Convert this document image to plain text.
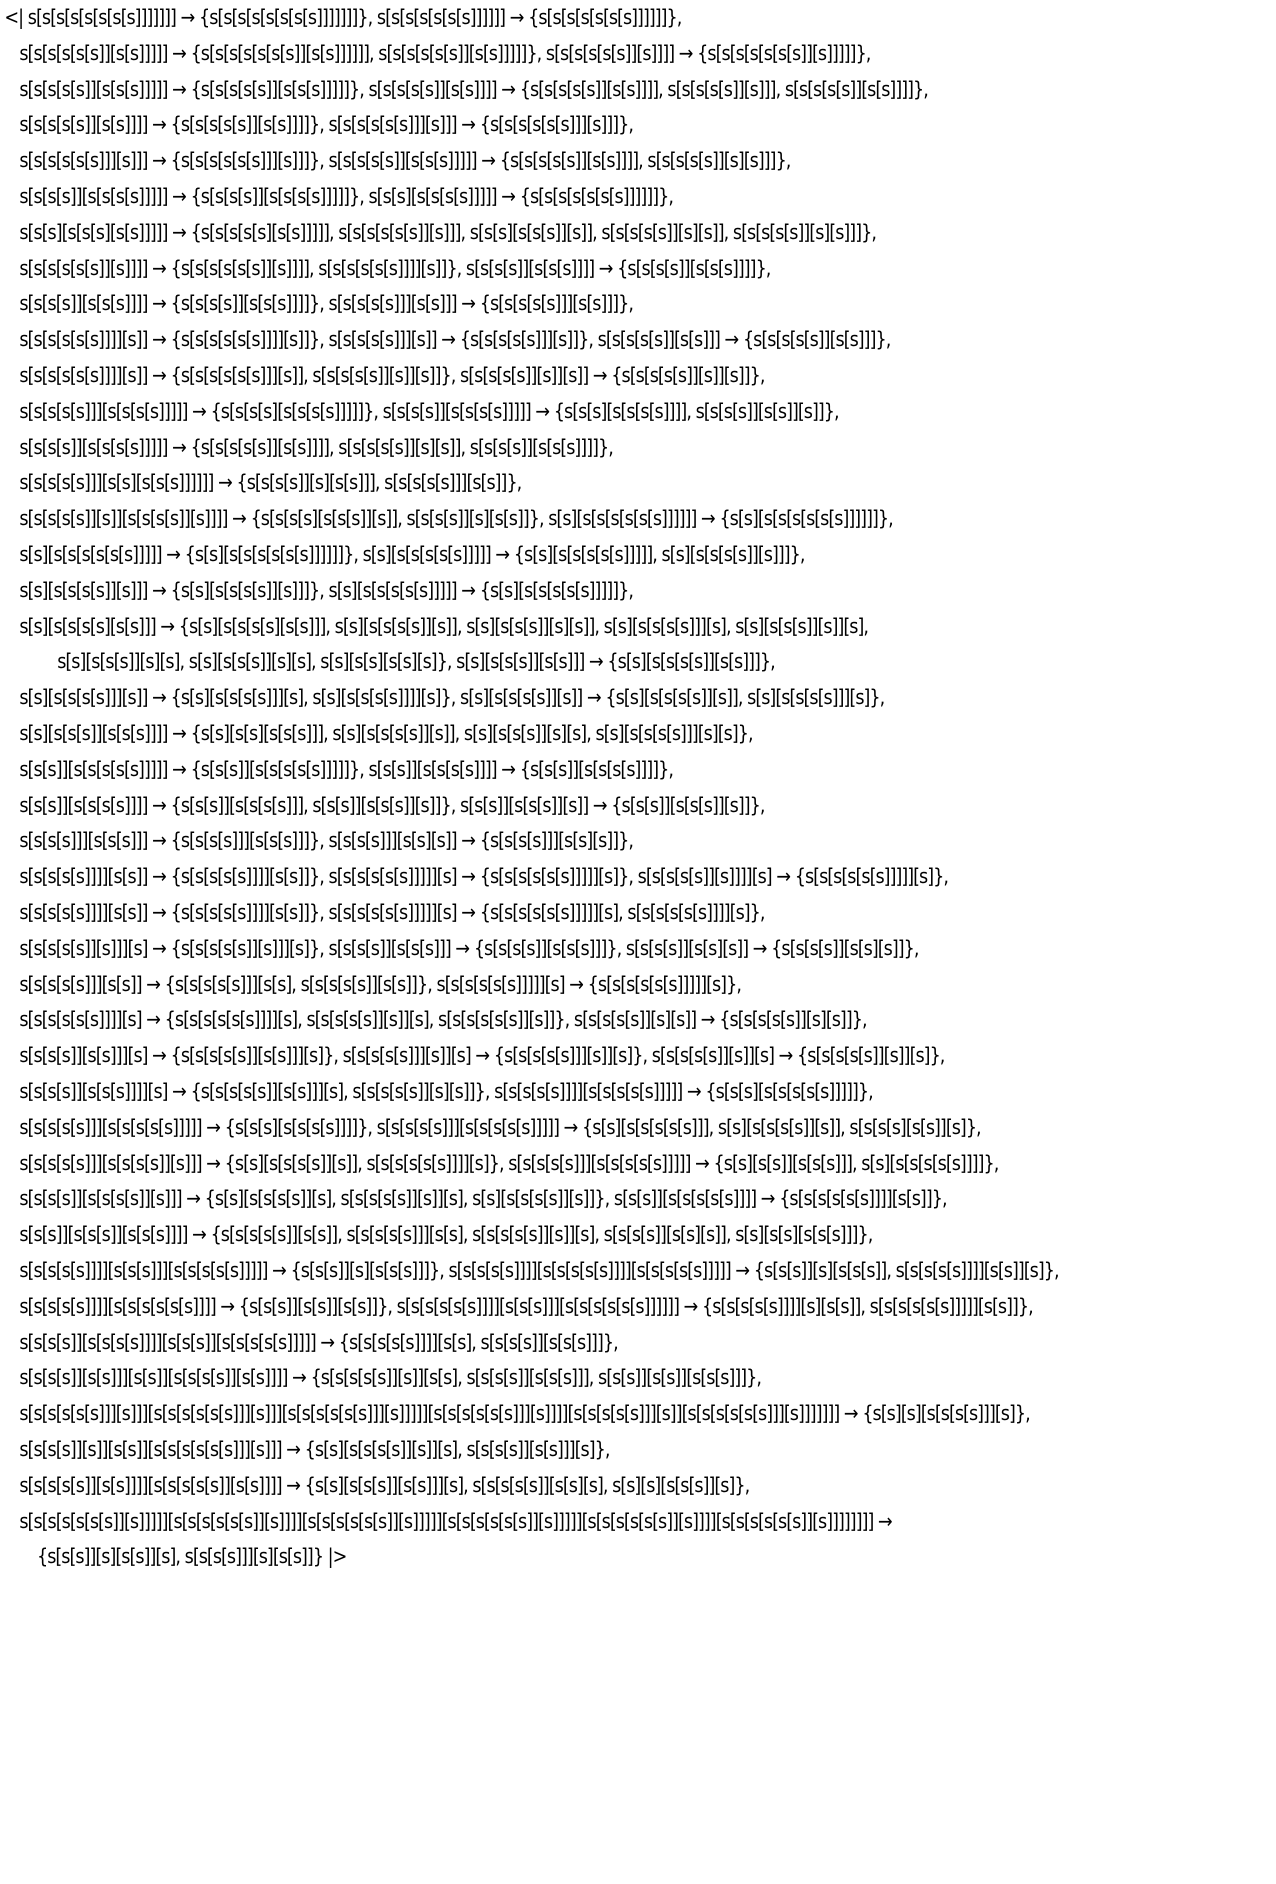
<| s[s[s[s[s[s[s[s]]]]]]] → {s[s[s[s[s[s[s[s]]]]]]]}, s[s[s[s[s[s[s]]]]]] → {s[s[s[s[s[s[s]]]]]]},
s[s[s[s[s[s]][s[s]]]]] → {s[s[s[s[s[s[s]][s[s]]]]]], s[s[s[s[s[s]][s[s]]]]]}, s[s[s[s[s[s]][s]]]] → {s[s[s[s[s[s[s]][s]]]]]},
s[s[s[s[s]][s[s[s]]]]] → {s[s[s[s[s]][s[s[s]]]]]}, s[s[s[s[s]][s[s]]]] → {s[s[s[s[s]][s[s]]]], s[s[s[s[s]][s]]], s[s[s[s[s]][s[s]]]]},
s[s[s[s[s]][s[s]]]] → {s[s[s[s[s]][s[s]]]]}, s[s[s[s[s[s]]][s]]] → {s[s[s[s[s[s]]][s]]]},
s[s[s[s[s[s]]][s]]] → {s[s[s[s[s[s]]][s]]]}, s[s[s[s[s]][s[s[s]]]]] → {s[s[s[s[s]][s[s]]]], s[s[s[s[s]][s][s]]]},
s[s[s[s]][s[s[s[s]]]]] → {s[s[s[s]][s[s[s[s]]]]]}, s[s[s][s[s[s[s]]]]] → {s[s[s[s[s[s[s]]]]]]},
s[s[s][s[s[s][s[s]]]]] → {s[s[s[s[s][s[s]]]]], s[s[s[s[s[s]][s]]], s[s[s][s[s[s]][s]], s[s[s[s[s]][s][s]], s[s[s[s[s]][s][s]]]},
s[s[s[s[s[s]][s]]]] → {s[s[s[s[s[s]][s]]]], s[s[s[s[s[s]]]][s]]}, s[s[s[s]][s[s[s]]]] → {s[s[s[s]][s[s[s]]]]},
s[s[s[s]][s[s[s]]]] → {s[s[s[s]][s[s[s]]]]}, s[s[s[s[s]]][s[s]]] → {s[s[s[s[s]]][s[s]]]},
s[s[s[s[s[s]]]][s]] → {s[s[s[s[s[s]]]][s]]}, s[s[s[s[s]]][s]] → {s[s[s[s[s]]][s]]}, s[s[s[s[s]][s[s]]] → {s[s[s[s[s]][s[s]]]},
s[s[s[s[s[s]]]][s]] → {s[s[s[s[s[s]]][s]], s[s[s[s[s]][s]][s]]}, s[s[s[s[s]][s]][s]] → {s[s[s[s[s]][s]][s]]},
s[s[s[s[s]]][s[s[s[s]]]]] → {s[s[s[s][s[s[s[s]]]]]}, s[s[s[s]][s[s[s[s]]]]] → {s[s[s][s[s[s[s]]]], s[s[s[s]][s[s]][s]]},
s[s[s[s]][s[s[s[s]]]]] → {s[s[s[s[s]][s[s]]]], s[s[s[s[s]][s][s]], s[s[s[s]][s[s[s]]]]},
s[s[s[s[s]]][s[s][s[s[s]]]]]] → {s[s[s[s]][s][s[s]]], s[s[s[s[s]]][s[s]]},
s[s[s[s[s]][s]][s[s[s[s]][s]]]] → {s[s[s[s][s[s[s]][s]], s[s[s[s]][s][s[s]]}, s[s][s[s[s[s[s[s]]]]]] → {s[s][s[s[s[s[s[s]]]]]]},
s[s][s[s[s[s[s[s]]]]] → {s[s][s[s[s[s[s[s]]]]]]}, s[s][s[s[s[s[s]]]]] → {s[s][s[s[s[s[s]]]]], s[s][s[s[s[s]][s]]]},
s[s][s[s[s[s]][s]]] → {s[s][s[s[s[s]][s]]]}, s[s][s[s[s[s[s]]]]] → {s[s][s[s[s[s[s]]]]]},
s[s][s[s[s[s][s[s]]] → {s[s][s[s[s[s][s[s]]], s[s][s[s[s[s]][s]], s[s][s[s[s]][s][s]], s[s][s[s[s[s]]][s], s[s][s[s[s]][s]][s],
s[s][s[s[s]][s][s], s[s][s[s[s]][s][s], s[s][s[s][s[s][s]}, s[s][s[s[s]][s[s]]] → {s[s][s[s[s[s]][s[s]]]},
s[s][s[s[s[s]]][s]] → {s[s][s[s[s[s]]][s], s[s][s[s[s[s]]]][s]}, s[s][s[s[s[s]][s]] → {s[s][s[s[s[s]][s]], s[s][s[s[s[s]]][s]},
s[s][s[s[s]][s[s[s]]]] → {s[s][s[s][s[s[s]]], s[s][s[s[s[s]][s]], s[s][s[s[s]][s][s], s[s][s[s[s[s]]][s][s]},
s[s[s]][s[s[s[s[s]]]]] → {s[s[s]][s[s[s[s[s]]]]]}, s[s[s]][s[s[s[s]]]] → {s[s[s]][s[s[s[s]]]]},
s[s[s]][s[s[s[s]]]] → {s[s[s]][s[s[s[s]]], s[s[s]][s[s[s]][s]]}, s[s[s]][s[s[s]][s]] → {s[s[s]][s[s[s]][s]]},
s[s[s[s]]][s[s[s]]] → {s[s[s[s]]][s[s[s]]]}, s[s[s[s]]][s[s][s]] → {s[s[s[s]]][s[s][s]]},
s[s[s[s[s]]]][s[s]] → {s[s[s[s[s]]]][s[s]]}, s[s[s[s[s[s]]]]][s] → {s[s[s[s[s[s]]]]][s]}, s[s[s[s[s]][s]]]][s] → {s[s[s[s[s[s]]]]][s]},
s[s[s[s[s]]]][s[s]] → {s[s[s[s[s]]]][s[s]]}, s[s[s[s[s[s]]]]][s] → {s[s[s[s[s[s]]]]][s], s[s[s[s[s[s]]]][s]},
s[s[s[s[s]][s]]][s] → {s[s[s[s[s]][s]]][s]}, s[s[s[s]][s[s[s]]] → {s[s[s[s]][s[s[s]]]}, s[s[s[s]][s[s][s]] → {s[s[s[s]][s[s][s]]},
s[s[s[s[s]]][s[s]] → {s[s[s[s[s]]][s[s], s[s[s[s[s]][s[s]]}, s[s[s[s[s[s]]]]][s] → {s[s[s[s[s[s]]]]][s]},
s[s[s[s[s[s]]]][s] → {s[s[s[s[s[s]]]][s], s[s[s[s[s]][s]][s], s[s[s[s[s[s]][s]]}, s[s[s[s[s]][s][s]] → {s[s[s[s[s]][s][s]]},
s[s[s[s]][s[s]]][s] → {s[s[s[s[s]][s[s]]][s]}, s[s[s[s[s]]][s]][s] → {s[s[s[s[s]]][s]][s]}, s[s[s[s[s]][s]][s] → {s[s[s[s[s]][s]][s]},
s[s[s[s]][s[s[s]]]][s] → {s[s[s[s[s]][s[s]]][s], s[s[s[s[s]][s][s]]}, s[s[s[s[s]]]][s[s[s[s[s]]]]] → {s[s[s][s[s[s[s[s]]]]]},
s[s[s[s[s]]][s[s[s[s[s]]]]] → {s[s[s][s[s[s[s]]]]}, s[s[s[s[s]]][s[s[s[s[s]]]]] → {s[s][s[s[s[s[s]]], s[s][s[s[s[s]][s]], s[s[s[s][s[s]][s]},
s[s[s[s[s]]][s[s[s[s]][s]]] → {s[s][s[s[s[s]][s]], s[s[s[s[s[s]]]][s]}, s[s[s[s[s]]][s[s[s[s[s]]]]] → {s[s][s[s]][s[s[s]]], s[s][s[s[s[s[s]]]]},
s[s[s[s]][s[s[s[s]][s]]] → {s[s][s[s[s[s]][s], s[s[s[s[s]][s]][s], s[s][s[s[s[s]][s]]}, s[s[s]][s[s[s[s[s]]]] → {s[s[s[s[s[s]]]][s[s]]},
s[s[s]][s[s[s]][s[s[s]]]] → {s[s[s[s[s]][s[s]], s[s[s[s[s]]][s[s], s[s[s[s[s]][s]][s], s[s[s[s]][s[s][s]], s[s][s[s][s[s[s]]]},
s[s[s[s[s]]]][s[s[s]]][s[s[s[s[s]]]]] → {s[s[s]][s][s[s[s]]]}, s[s[s[s[s]]]][s[s[s[s[s]]]][s[s[s[s[s]]]]] → {s[s[s]][s][s[s[s]], s[s[s[s[s]]]][s[s]][s]},
s[s[s[s[s]]]][s[s[s[s[s[s]]]] → {s[s[s]][s[s]][s[s]]}, s[s[s[s[s[s]]]][s[s[s]]][s[s[s[s[s[s]]]]]] → {s[s[s[s[s]]]][s][s[s]], s[s[s[s[s[s]]]]][s[s]]},
s[s[s[s]][s[s[s[s]]]][s[s[s]][s[s[s[s[s]]]]] → {s[s[s[s[s]]]][s[s], s[s[s[s]][s[s[s]]]},
s[s[s[s]][s[s]]][s[s]][s[s[s[s]][s[s]]]] → {s[s[s[s[s]][s]][s[s], s[s[s[s]][s[s[s]]], s[s[s]][s[s]][s[s[s]]]},
s[s[s[s[s[s]]][s]]][s[s[s[s[s[s]]][s]]][s[s[s[s[s[s]]][s]]]]][s[s[s[s[s[s]]][s]]]][s[s[s[s[s]]][s]][s[s[s[s[s[s]]][s]]]]]]] → {s[s][s][s[s[s[s]]][s]},
s[s[s[s]][s]][s[s]][s[s[s[s[s[s]]][s]]] → {s[s][s[s[s[s]][s]][s], s[s[s[s]][s[s]]][s]},
s[s[s[s[s]][s[s]]]][s[s[s[s[s]][s[s]]]] → {s[s][s[s[s]][s[s]]][s], s[s[s[s[s]][s[s][s], s[s][s][s[s[s]][s]},
s[s[s[s[s[s[s]][s]]]]][s[s[s[s[s[s]][s]]]][s[s[s[s[s[s]][s]]]]][s[s[s[s[s[s]][s]]]]][s[s[s[s[s[s]][s]]]][s[s[s[s[s[s]][s]]]]]]]] →
{s[s[s]][s][s[s]][s], s[s[s[s]]][s][s[s]]} |>
